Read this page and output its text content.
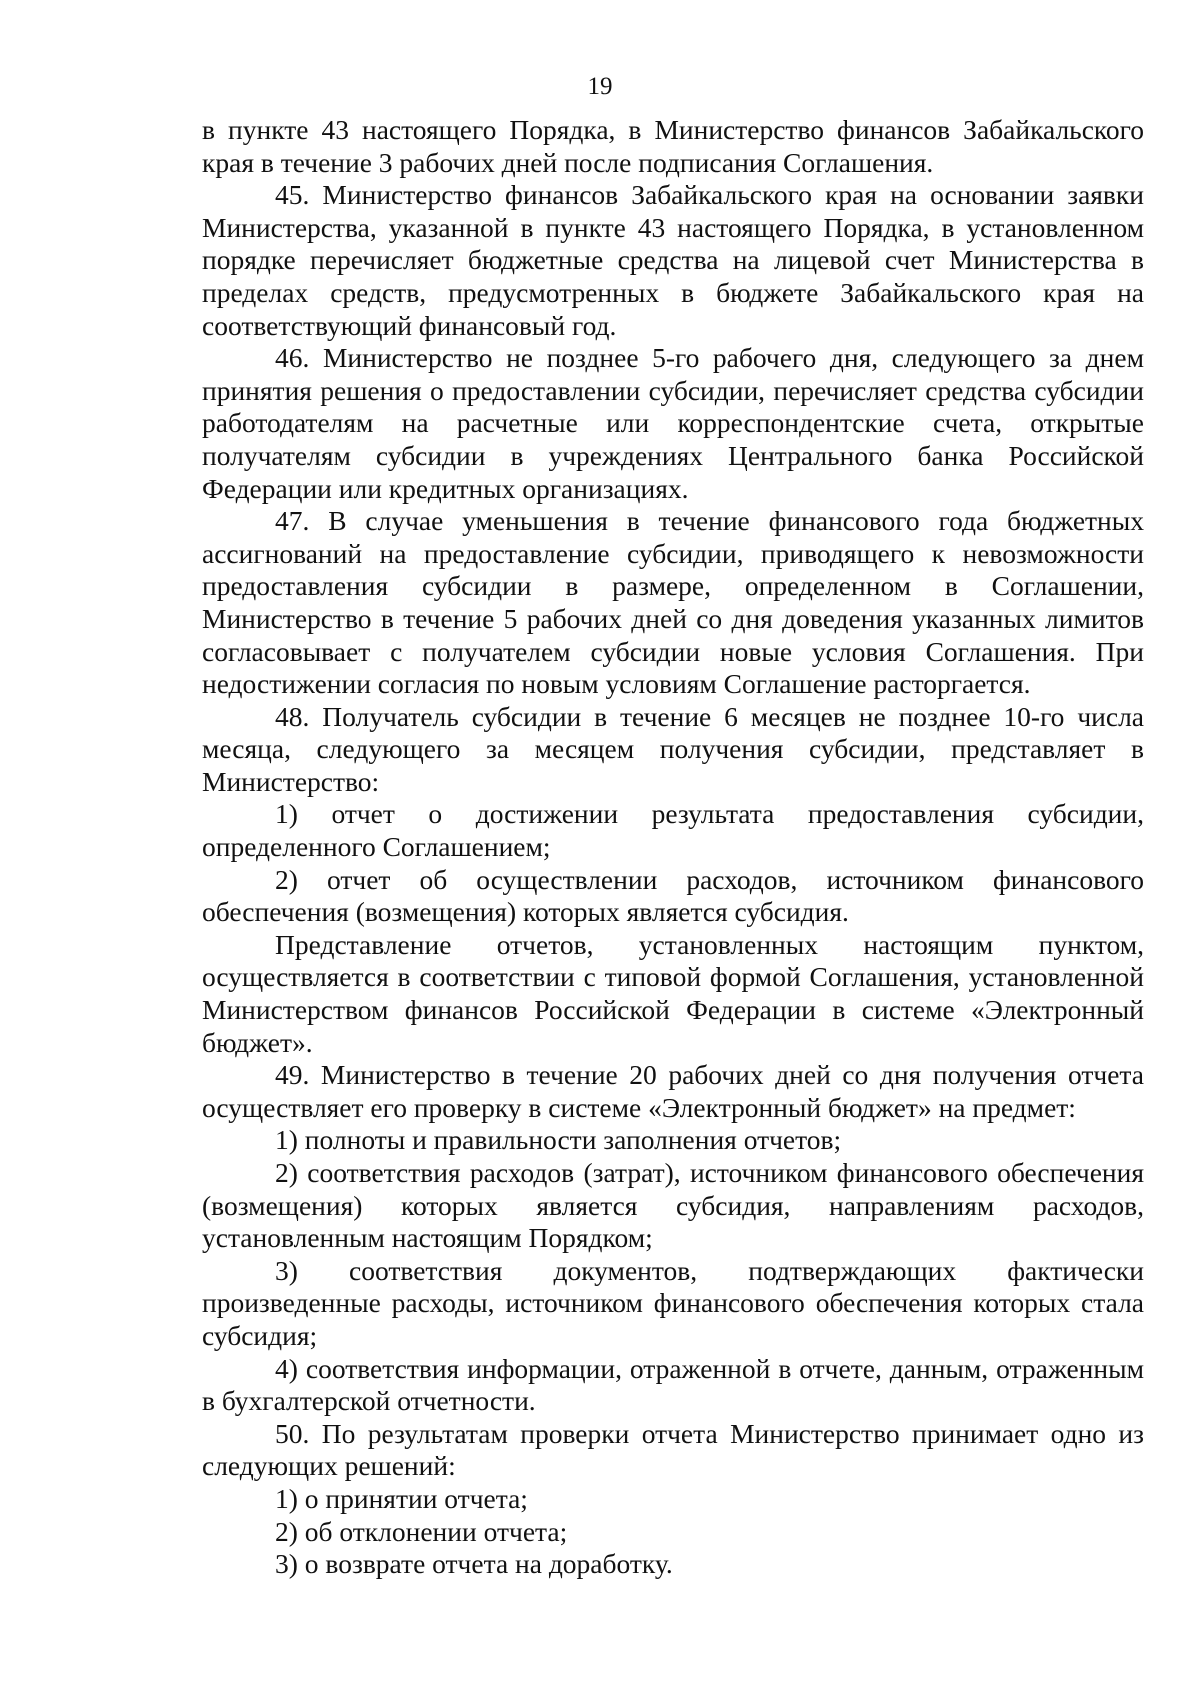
19

в пункте 43 настоящего Порядка, в Министерство финансов Забайкальского края в течение 3 рабочих дней после подписания Соглашения.

45. Министерство финансов Забайкальского края на основании заявки Министерства, указанной в пункте 43 настоящего Порядка, в установленном порядке перечисляет бюджетные средства на лицевой счет Министерства в пределах средств, предусмотренных в бюджете Забайкальского края на соответствующий финансовый год.

46. Министерство не позднее 5-го рабочего дня, следующего за днем принятия решения о предоставлении субсидии, перечисляет средства субсидии работодателям на расчетные или корреспондентские счета, открытые получателям субсидии в учреждениях Центрального банка Российской Федерации или кредитных организациях.

47. В случае уменьшения в течение финансового года бюджетных ассигнований на предоставление субсидии, приводящего к невозможности предоставления субсидии в размере, определенном в Соглашении, Министерство в течение 5 рабочих дней со дня доведения указанных лимитов согласовывает с получателем субсидии новые условия Соглашения. При недостижении согласия по новым условиям Соглашение расторгается.

48. Получатель субсидии в течение 6 месяцев не позднее 10-го числа месяца, следующего за месяцем получения субсидии, представляет в Министерство:

1) отчет о достижении результата предоставления субсидии, определенного Соглашением;

2) отчет об осуществлении расходов, источником финансового обеспечения (возмещения) которых является субсидия.

Представление отчетов, установленных настоящим пунктом, осуществляется в соответствии с типовой формой Соглашения, установленной Министерством финансов Российской Федерации в системе «Электронный бюджет».

49. Министерство в течение 20 рабочих дней со дня получения отчета осуществляет его проверку в системе «Электронный бюджет» на предмет:

1) полноты и правильности заполнения отчетов;

2) соответствия расходов (затрат), источником финансового обеспечения (возмещения) которых является субсидия, направлениям расходов, установленным настоящим Порядком;

3) соответствия документов, подтверждающих фактически произведенные расходы, источником финансового обеспечения которых стала субсидия;

4) соответствия информации, отраженной в отчете, данным, отраженным в бухгалтерской отчетности.

50. По результатам проверки отчета Министерство принимает одно из следующих решений:

1) о принятии отчета;

2) об отклонении отчета;

3) о возврате отчета на доработку.
